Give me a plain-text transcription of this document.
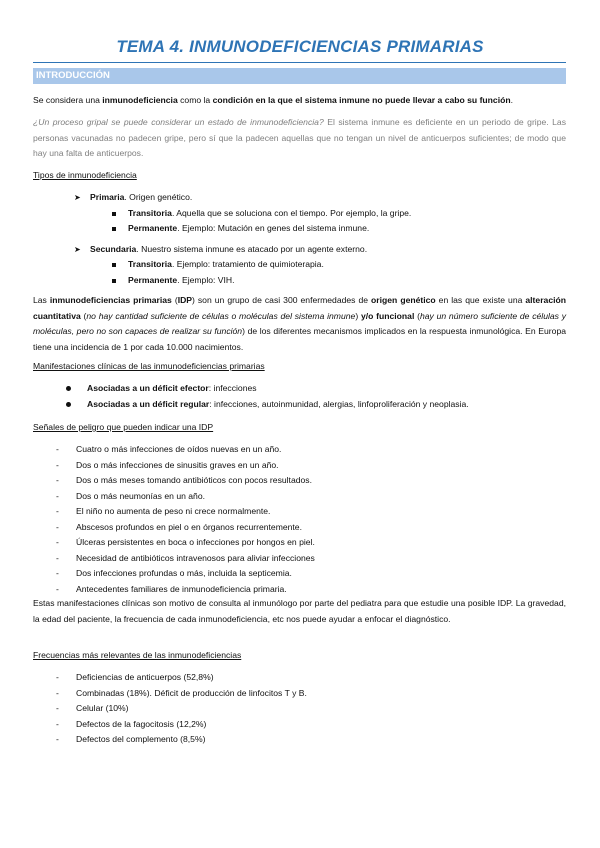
TEMA 4. INMUNODEFICIENCIAS PRIMARIAS
INTRODUCCIÓN
Se considera una inmunodeficiencia como la condición en la que el sistema inmune no puede llevar a cabo su función.
¿Un proceso gripal se puede considerar un estado de inmunodeficiencia? El sistema inmune es deficiente en un periodo de gripe. Las personas vacunadas no padecen gripe, pero sí que la padecen aquellas que no tengan un nivel de anticuerpos suficientes; de modo que hay una falta de anticuerpos.
Tipos de inmunodeficiencia
➤ Primaria. Origen genético.
Transitoria. Aquella que se soluciona con el tiempo. Por ejemplo, la gripe.
Permanente. Ejemplo: Mutación en genes del sistema inmune.
➤ Secundaria. Nuestro sistema inmune es atacado por un agente externo.
Transitoria. Ejemplo: tratamiento de quimioterapia.
Permanente. Ejemplo: VIH.
Las inmunodeficiencias primarias (IDP) son un grupo de casi 300 enfermedades de origen genético en las que existe una alteración cuantitativa (no hay cantidad suficiente de células o moléculas del sistema inmune) y/o funcional (hay un número suficiente de células y moléculas, pero no son capaces de realizar su función) de los diferentes mecanismos implicados en la respuesta inmunológica. En Europa tiene una incidencia de 1 por cada 10.000 nacimientos.
Manifestaciones clínicas de las inmunodeficiencias primarias
Asociadas a un déficit efector: infecciones
Asociadas a un déficit regular: infecciones, autoinmunidad, alergias, linfoproliferación y neoplasia.
Señales de peligro que pueden indicar una IDP
- Cuatro o más infecciones de oídos nuevas en un año.
- Dos o más infecciones de sinusitis graves en un año.
- Dos o más meses tomando antibióticos con pocos resultados.
- Dos o más neumonías en un año.
- El niño no aumenta de peso ni crece normalmente.
- Abscesos profundos en piel o en órganos recurrentemente.
- Úlceras persistentes en boca o infecciones por hongos en piel.
- Necesidad de antibióticos intravenosos para aliviar infecciones
- Dos infecciones profundas o más, incluida la septicemia.
- Antecedentes familiares de inmunodeficiencia primaria.
Estas manifestaciones clínicas son motivo de consulta al inmunólogo por parte del pediatra para que estudie una posible IDP. La gravedad, la edad del paciente, la frecuencia de cada inmunodeficiencia, etc nos puede ayudar a enfocar el diagnóstico.
Frecuencias más relevantes de las inmunodeficiencias
- Deficiencias de anticuerpos (52,8%)
- Combinadas (18%). Déficit de producción de linfocitos T y B.
- Celular (10%)
- Defectos de la fagocitosis (12,2%)
- Defectos del complemento (8,5%)
